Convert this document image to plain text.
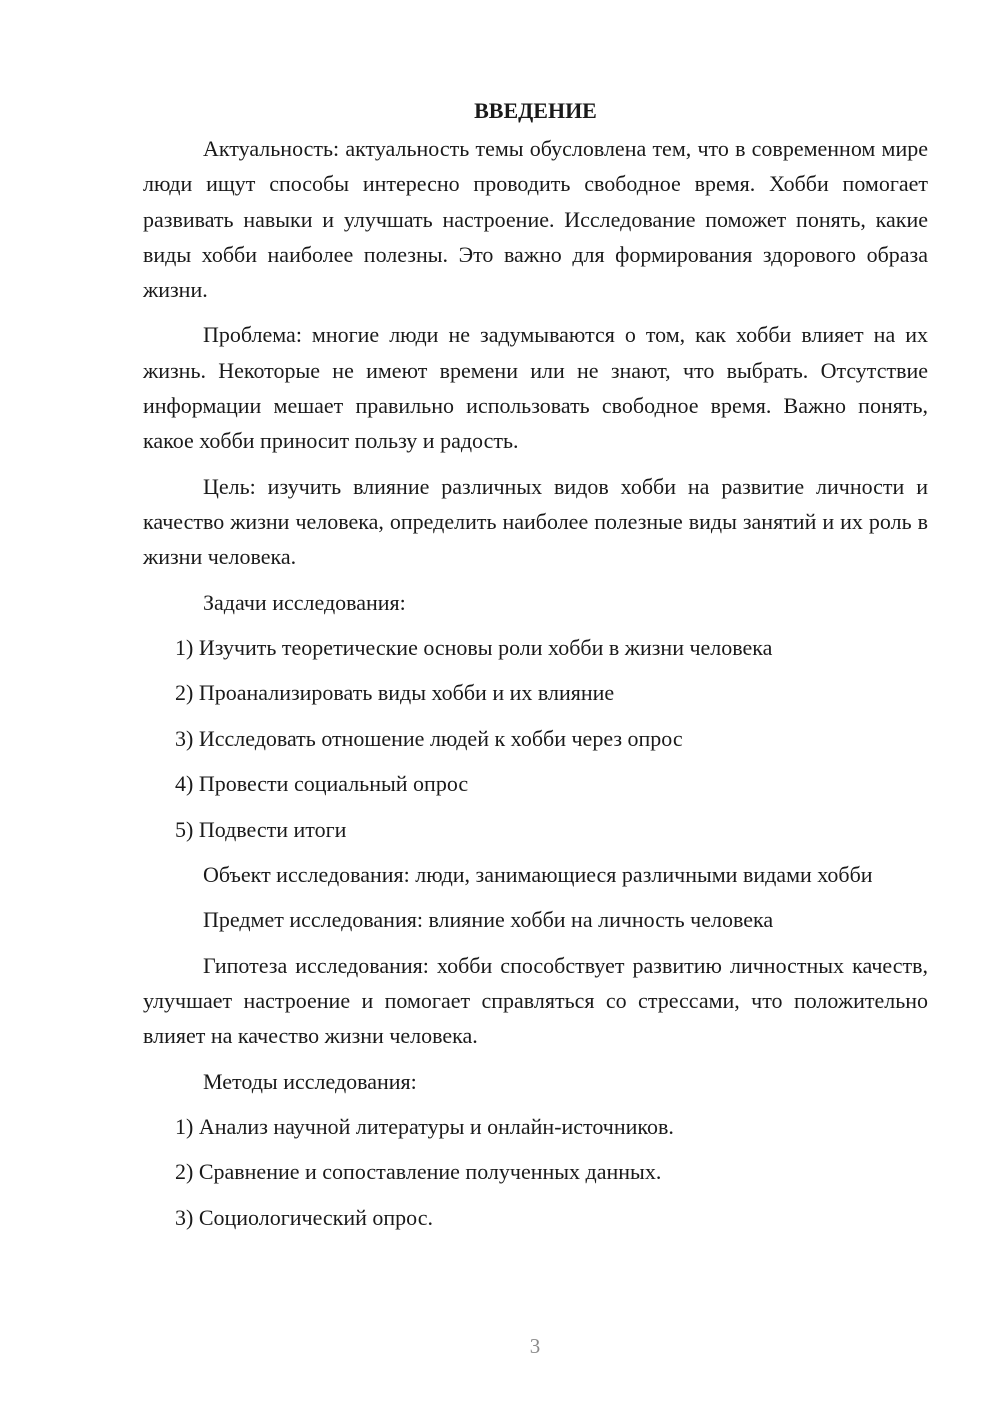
ВВЕДЕНИЕ

Актуальность: актуальность темы обусловлена тем, что в современном мире люди ищут способы интересно проводить свободное время. Хобби помогает развивать навыки и улучшать настроение. Исследование поможет понять, какие виды хобби наиболее полезны. Это важно для формирования здорового образа жизни.

Проблема: многие люди не задумываются о том, как хобби влияет на их жизнь. Некоторые не имеют времени или не знают, что выбрать. Отсутствие информации мешает правильно использовать свободное время. Важно понять, какое хобби приносит пользу и радость.

Цель: изучить влияние различных видов хобби на развитие личности и качество жизни человека, определить наиболее полезные виды занятий и их роль в жизни человека.

Задачи исследования:

1) Изучить теоретические основы роли хобби в жизни человека
2) Проанализировать виды хобби и их влияние
3) Исследовать отношение людей к хобби через опрос
4) Провести социальный опрос
5) Подвести итоги

Объект исследования: люди, занимающиеся различными видами хобби

Предмет исследования: влияние хобби на личность человека

Гипотеза исследования: хобби способствует развитию личностных качеств, улучшает настроение и помогает справляться со стрессами, что положительно влияет на качество жизни человека.

Методы исследования:

1) Анализ научной литературы и онлайн-источников.
2) Сравнение и сопоставление полученных данных.
3) Социологический опрос.
3
